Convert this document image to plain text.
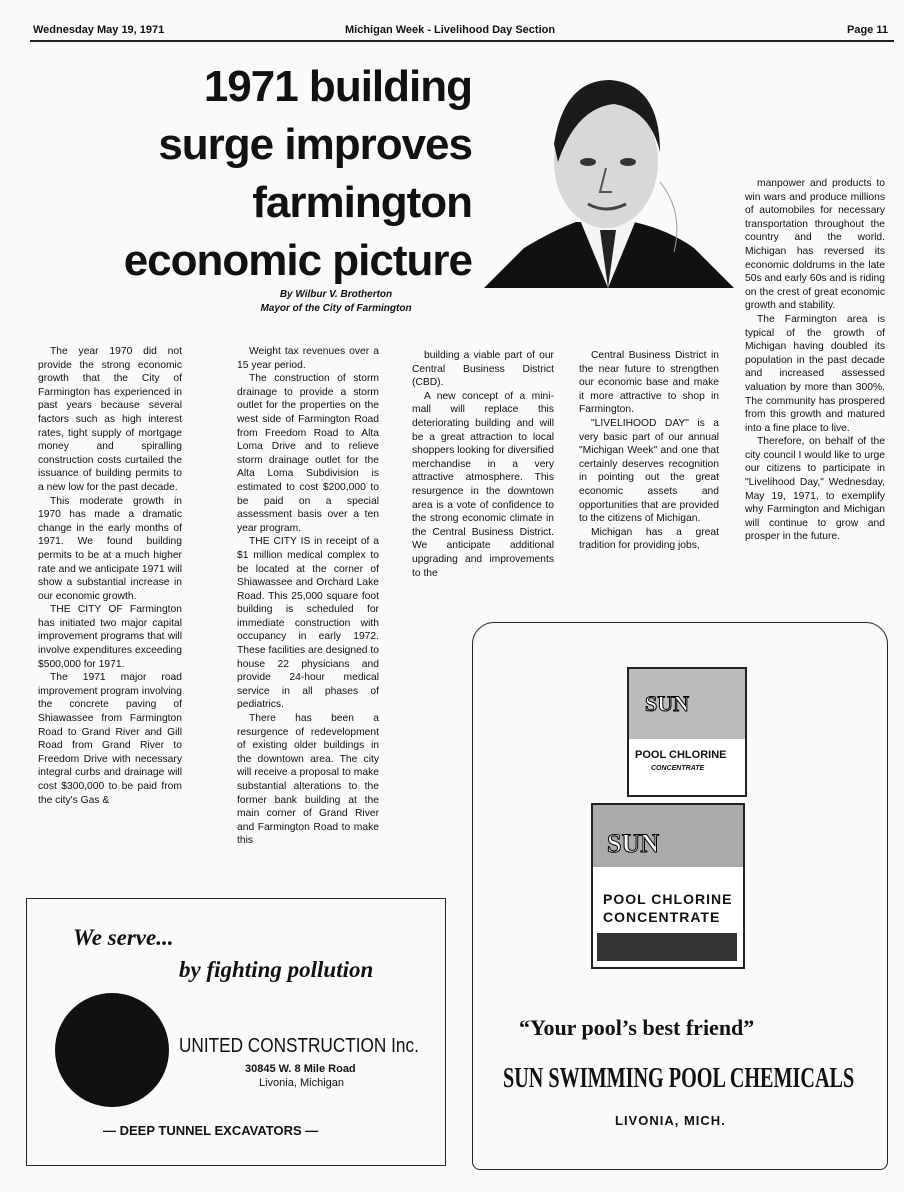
Wednesday May 19, 1971	Michigan Week - Livelihood Day Section	Page 11
1971 building
surge improves
farmington
economic picture
By Wilbur V. Brotherton
Mayor of the City of Farmington

The year 1970 did not provide the strong economic growth that the City of Farmington has experienced in past years because several factors such as high interest rates, tight supply of mortgage money and spiralling construction costs curtailed the issuance of building permits to a new low for the past decade.

This moderate growth in 1970 has made a dramatic change in the early months of 1971. We found building permits to be at a much higher rate and we anticipate 1971 will show a substantial increase in our economic growth.

THE CITY OF Farmington has initiated two major capital improvement programs that will involve expenditures exceeding $500,000 for 1971.

The 1971 major road improvement program involving the concrete paving of Shiawassee from Farmington Road to Grand River and Gill Road from Grand River to Freedom Drive with necessary integral curbs and drainage will cost $300,000 to be paid from the city's Gas &

Weight tax revenues over a 15 year period.

The construction of storm drainage to provide a storm outlet for the properties on the west side of Farmington Road from Freedom Road to Alta Loma Drive and to relieve storm drainage outlet for the Alta Loma Subdivision is estimated to cost $200,000 to be paid on a special assessment basis over a ten year program.

THE CITY IS in receipt of a $1 million medical complex to be located at the corner of Shiawassee and Orchard Lake Road. This 25,000 square foot building is scheduled for immediate construction with occupancy in early 1972. These facilities are designed to house 22 physicians and provide 24-hour medical service in all phases of pediatrics.

There has been a resurgence of redevelopment of existing older buildings in the downtown area. The city will receive a proposal to make substantial alterations to the former bank building at the main corner of Grand River and Farmington Road to make this

building a viable part of our Central Business District (CBD).

A new concept of a mini-mall will replace this deteriorating building and will be a great attraction to local shoppers looking for diversified merchandise in a very attractive atmosphere. This resurgence in the downtown area is a vote of confidence to the strong economic climate in the Central Business District. We anticipate additional upgrading and improvements to the

Central Business District in the near future to strengthen our economic base and make it more attractive to shop in Farmington.

"LIVELIHOOD DAY" is a very basic part of our annual "Michigan Week" and one that certainly deserves recognition in pointing out the great economic assets and opportunities that are provided to the citizens of Michigan.

Michigan has a great tradition for providing jobs,

manpower and products to win wars and produce millions of automobiles for necessary transportation throughout the country and the world. Michigan has reversed its economic doldrums in the late 50s and early 60s and is riding on the crest of great economic growth and stability.

The Farmington area is typical of the growth of Michigan having doubled its population in the past decade and increased assessed valuation by more than 300%. The community has prospered from this growth and matured into a fine place to live.

Therefore, on behalf of the city council I would like to urge our citizens to participate in "Livelihood Day," Wednesday, May 19, 1971, to exemplify why Farmington and Michigan will continue to grow and prosper in the future.

We serve...
by fighting pollution
UNITED CONSTRUCTION Inc.
30845 W. 8 Mile Road
Livonia, Michigan
— DEEP TUNNEL EXCAVATORS —
SUN
POOL CHLORINE
CONCENTRATE
SUN
POOL CHLORINE
CONCENTRATE
“Your pool’s best friend”
SUN SWIMMING POOL CHEMICALS
LIVONIA, MICH.
